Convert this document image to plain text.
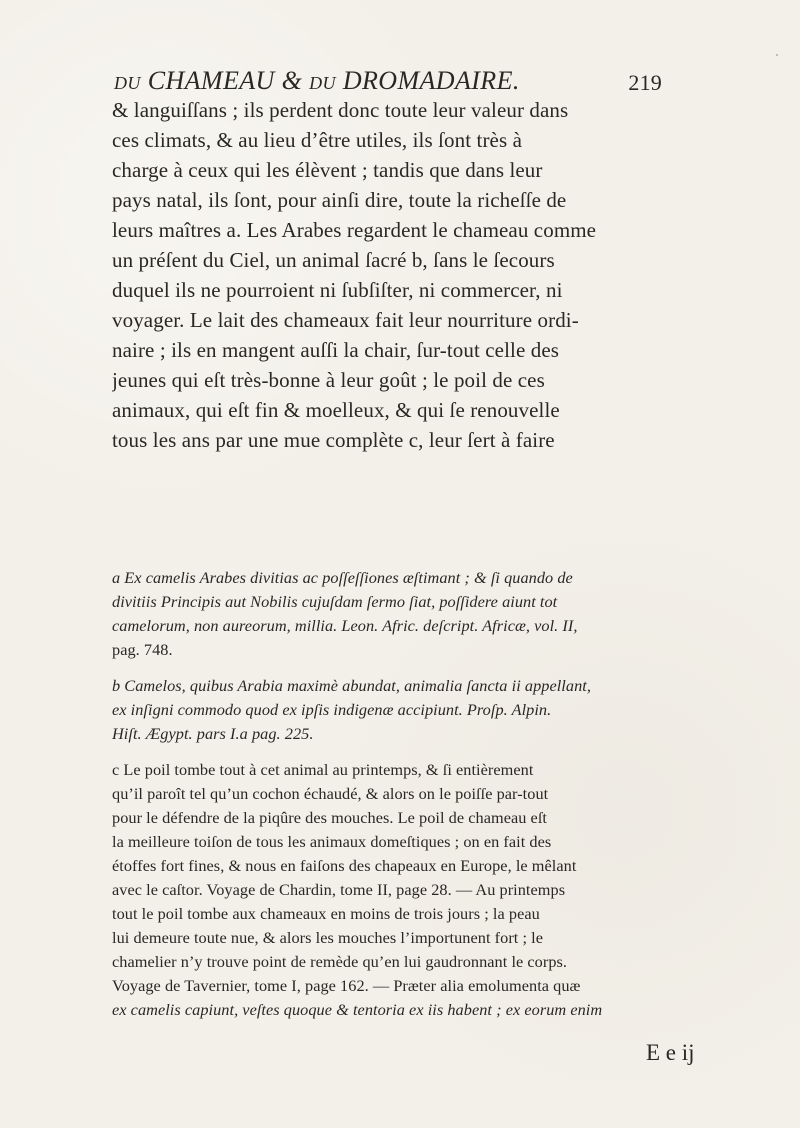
du CHAMEAU & du DROMADAIRE.	219
& languiſſans ; ils perdent donc toute leur valeur dans
ces climats, & au lieu d’être utiles, ils ſont très à
charge à ceux qui les élèvent ; tandis que dans leur
pays natal, ils ſont, pour ainſi dire, toute la richeſſe de
leurs maîtres a. Les Arabes regardent le chameau comme
un préſent du Ciel, un animal ſacré b, ſans le ſecours
duquel ils ne pourroient ni ſubſiſter, ni commercer, ni
voyager. Le lait des chameaux fait leur nourriture ordi-
naire ; ils en mangent auſſi la chair, ſur-tout celle des
jeunes qui eſt très-bonne à leur goût ; le poil de ces
animaux, qui eſt fin & moelleux, & qui ſe renouvelle
tous les ans par une mue complète c, leur ſert à faire
a Ex camelis Arabes divitias ac poſſeſſiones æſtimant ; & ſi quando de
divitiis Principis aut Nobilis cujuſdam ſermo ſiat, poſſidere aiunt tot
camelorum, non aureorum, millia. Leon. Afric. deſcript. Africæ, vol. II,
pag. 748.
b Camelos, quibus Arabia maximè abundat, animalia ſancta ii appellant,
ex inſigni commodo quod ex ipſis indigenæ accipiunt. Proſp. Alpin.
Hiſt. Ægypt. pars I.a pag. 225.
c Le poil tombe tout à cet animal au printemps, & ſi entièrement
qu’il paroît tel qu’un cochon échaudé, & alors on le poiſſe par-tout
pour le défendre de la piqûre des mouches. Le poil de chameau eſt
la meilleure toiſon de tous les animaux domeſtiques ; on en fait des
étoffes fort fines, & nous en faiſons des chapeaux en Europe, le mêlant
avec le caſtor. Voyage de Chardin, tome II, page 28. — Au printemps
tout le poil tombe aux chameaux en moins de trois jours ; la peau
lui demeure toute nue, & alors les mouches l’importunent fort ; le
chamelier n’y trouve point de remède qu’en lui gaudronnant le corps.
Voyage de Tavernier, tome I, page 162. — Præter alia emolumenta quæ
ex camelis capiunt, veſtes quoque & tentoria ex iis habent ; ex eorum enim
E e ij
